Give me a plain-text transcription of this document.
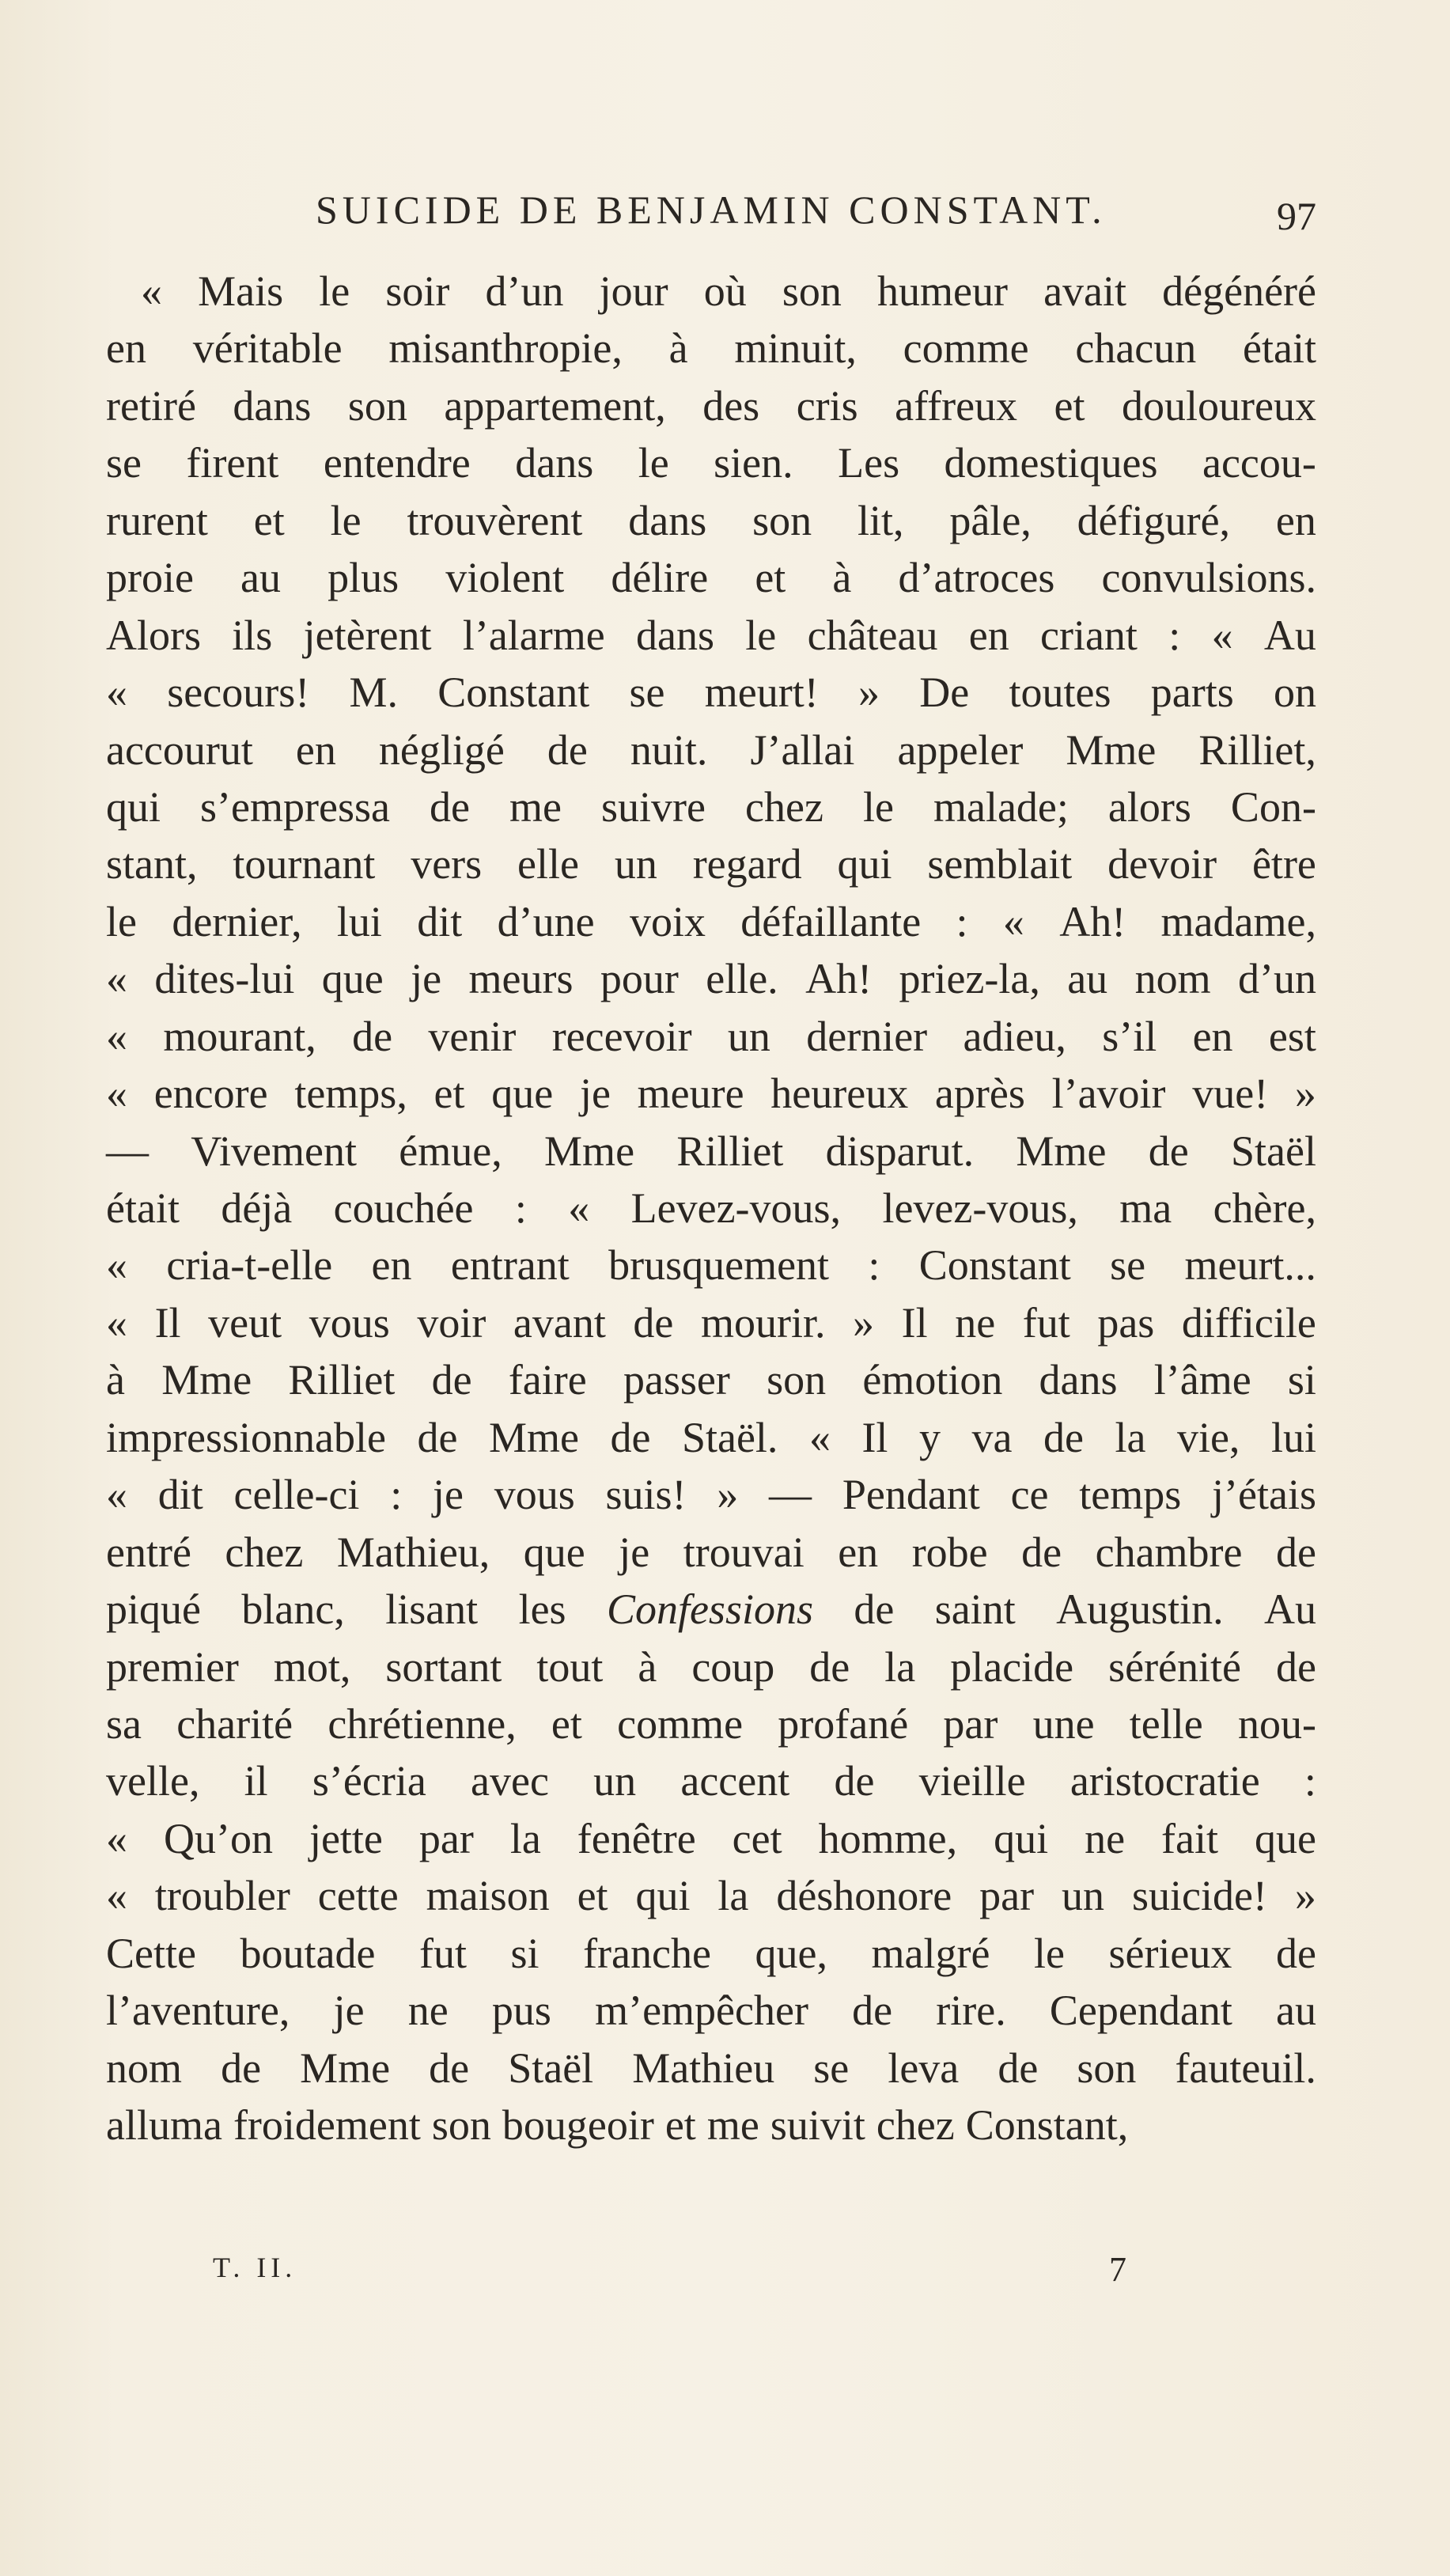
SUICIDE DE BENJAMIN CONSTANT.	97
« Mais le soir d’un jour où son humeur avait dégénéré
en véritable misanthropie, à minuit, comme chacun était
retiré dans son appartement, des cris affreux et douloureux
se firent entendre dans le sien. Les domestiques accou-
rurent et le trouvèrent dans son lit, pâle, défiguré, en
proie au plus violent délire et à d’atroces convulsions.
Alors ils jetèrent l’alarme dans le château en criant : « Au
« secours! M. Constant se meurt! » De toutes parts on
accourut en négligé de nuit. J’allai appeler Mme Rilliet,
qui s’empressa de me suivre chez le malade; alors Con-
stant, tournant vers elle un regard qui semblait devoir être
le dernier, lui dit d’une voix défaillante : « Ah! madame,
« dites-lui que je meurs pour elle. Ah! priez-la, au nom d’un
« mourant, de venir recevoir un dernier adieu, s’il en est
« encore temps, et que je meure heureux après l’avoir vue! »
— Vivement émue, Mme Rilliet disparut. Mme de Staël
était déjà couchée : « Levez-vous, levez-vous, ma chère,
« cria-t-elle en entrant brusquement : Constant se meurt...
« Il veut vous voir avant de mourir. » Il ne fut pas difficile
à Mme Rilliet de faire passer son émotion dans l’âme si
impressionnable de Mme de Staël. « Il y va de la vie, lui
« dit celle-ci : je vous suis! » — Pendant ce temps j’étais
entré chez Mathieu, que je trouvai en robe de chambre de
piqué blanc, lisant les Confessions de saint Augustin. Au
premier mot, sortant tout à coup de la placide sérénité de
sa charité chrétienne, et comme profané par une telle nou-
velle, il s’écria avec un accent de vieille aristocratie :
« Qu’on jette par la fenêtre cet homme, qui ne fait que
« troubler cette maison et qui la déshonore par un suicide! »
Cette boutade fut si franche que, malgré le sérieux de
l’aventure, je ne pus m’empêcher de rire. Cependant au
nom de Mme de Staël Mathieu se leva de son fauteuil.
alluma froidement son bougeoir et me suivit chez Constant,
T. II.	7
